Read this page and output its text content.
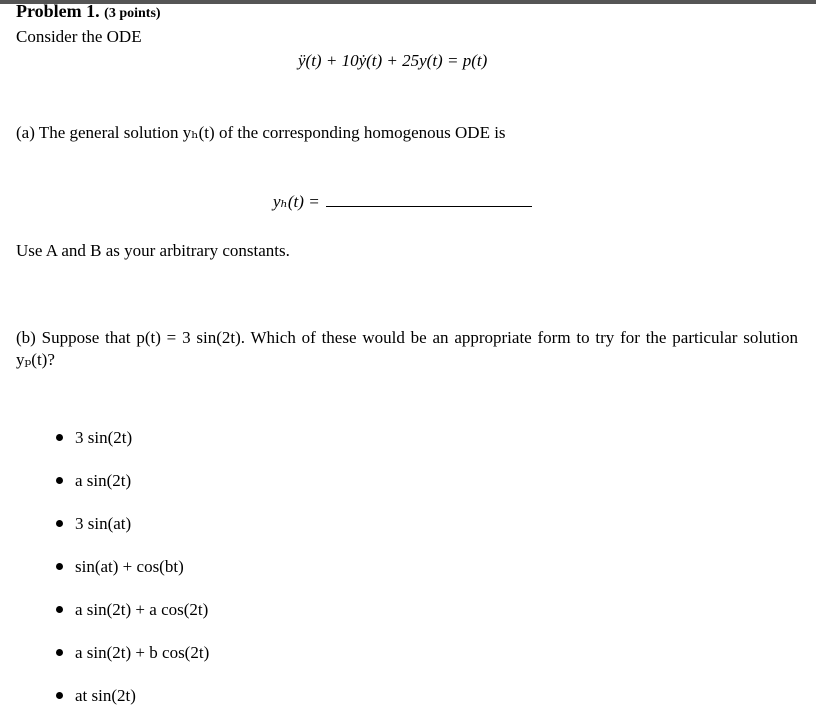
Problem 1. (3 points)
Consider the ODE
ÿ(t) + 10ẏ(t) + 25y(t) = p(t)
(a) The general solution yₕ(t) of the corresponding homogenous ODE is
yₕ(t) =
Use A and B as your arbitrary constants.
(b) Suppose that p(t) = 3 sin(2t). Which of these would be an appropriate form to try for the particular solution yₚ(t)?
3 sin(2t)
a sin(2t)
3 sin(at)
sin(at) + cos(bt)
a sin(2t) + a cos(2t)
a sin(2t) + b cos(2t)
at sin(2t)
